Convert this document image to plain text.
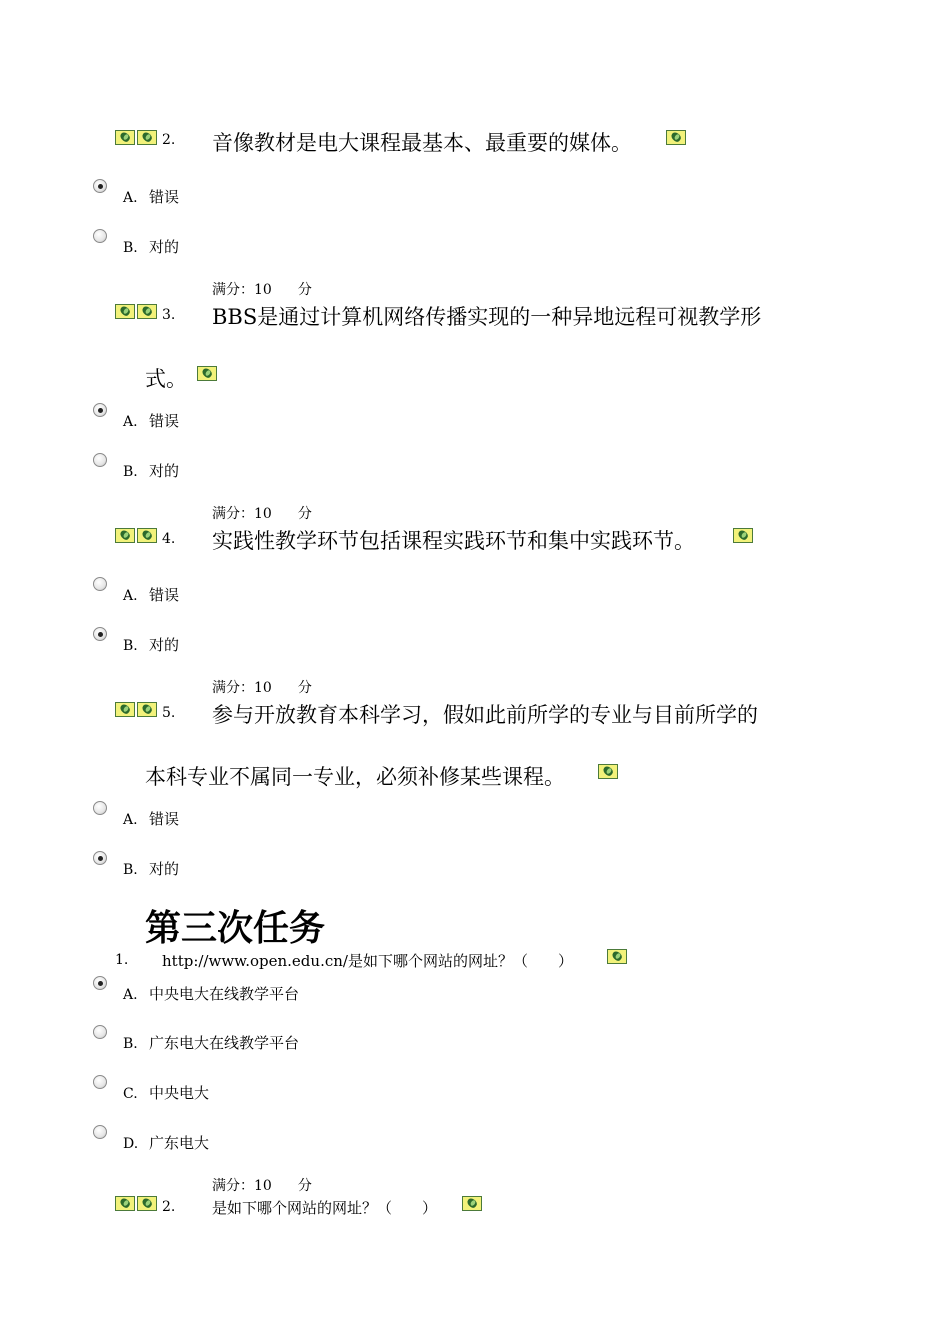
2. 音像教材是电大课程最基本、最重要的媒体。
A. 错误
B. 对的
满分：10 分
3. BBS是通过计算机网络传播实现的一种异地远程可视教学形
式。
A. 错误
B. 对的
满分：10 分
4. 实践性教学环节包括课程实践环节和集中实践环节。
A. 错误
B. 对的
满分：10 分
5. 参与开放教育本科学习，假如此前所学的专业与目前所学的
本科专业不属同一专业，必须补修某些课程。
A. 错误
B. 对的
第三次任务
1. http://www.open.edu.cn/是如下哪个网站的网址？（　　）
A. 中央电大在线教学平台
B. 广东电大在线教学平台
C. 中央电大
D. 广东电大
满分：10 分
2. 是如下哪个网站的网址？（　　）
